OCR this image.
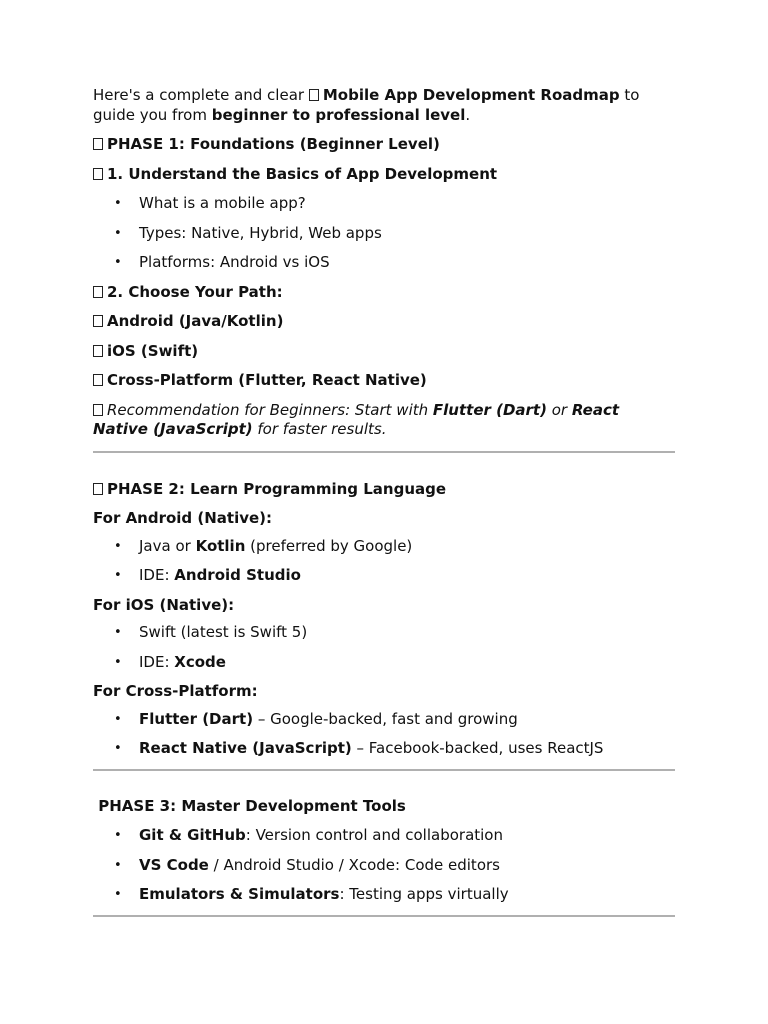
Here's a complete and clear Mobile App Development Roadmap to guide you from beginner to professional level.

PHASE 1: Foundations (Beginner Level)

1. Understand the Basics of App Development

• What is a mobile app?
• Types: Native, Hybrid, Web apps
• Platforms: Android vs iOS

2. Choose Your Path:

Android (Java/Kotlin)

iOS (Swift)

Cross-Platform (Flutter, React Native)

Recommendation for Beginners: Start with Flutter (Dart) or React Native (JavaScript) for faster results.

PHASE 2: Learn Programming Language

For Android (Native):

• Java or Kotlin (preferred by Google)
• IDE: Android Studio

For iOS (Native):

• Swift (latest is Swift 5)
• IDE: Xcode

For Cross-Platform:

• Flutter (Dart) – Google-backed, fast and growing
• React Native (JavaScript) – Facebook-backed, uses ReactJS

PHASE 3: Master Development Tools

• Git & GitHub: Version control and collaboration
• VS Code / Android Studio / Xcode: Code editors
• Emulators & Simulators: Testing apps virtually
